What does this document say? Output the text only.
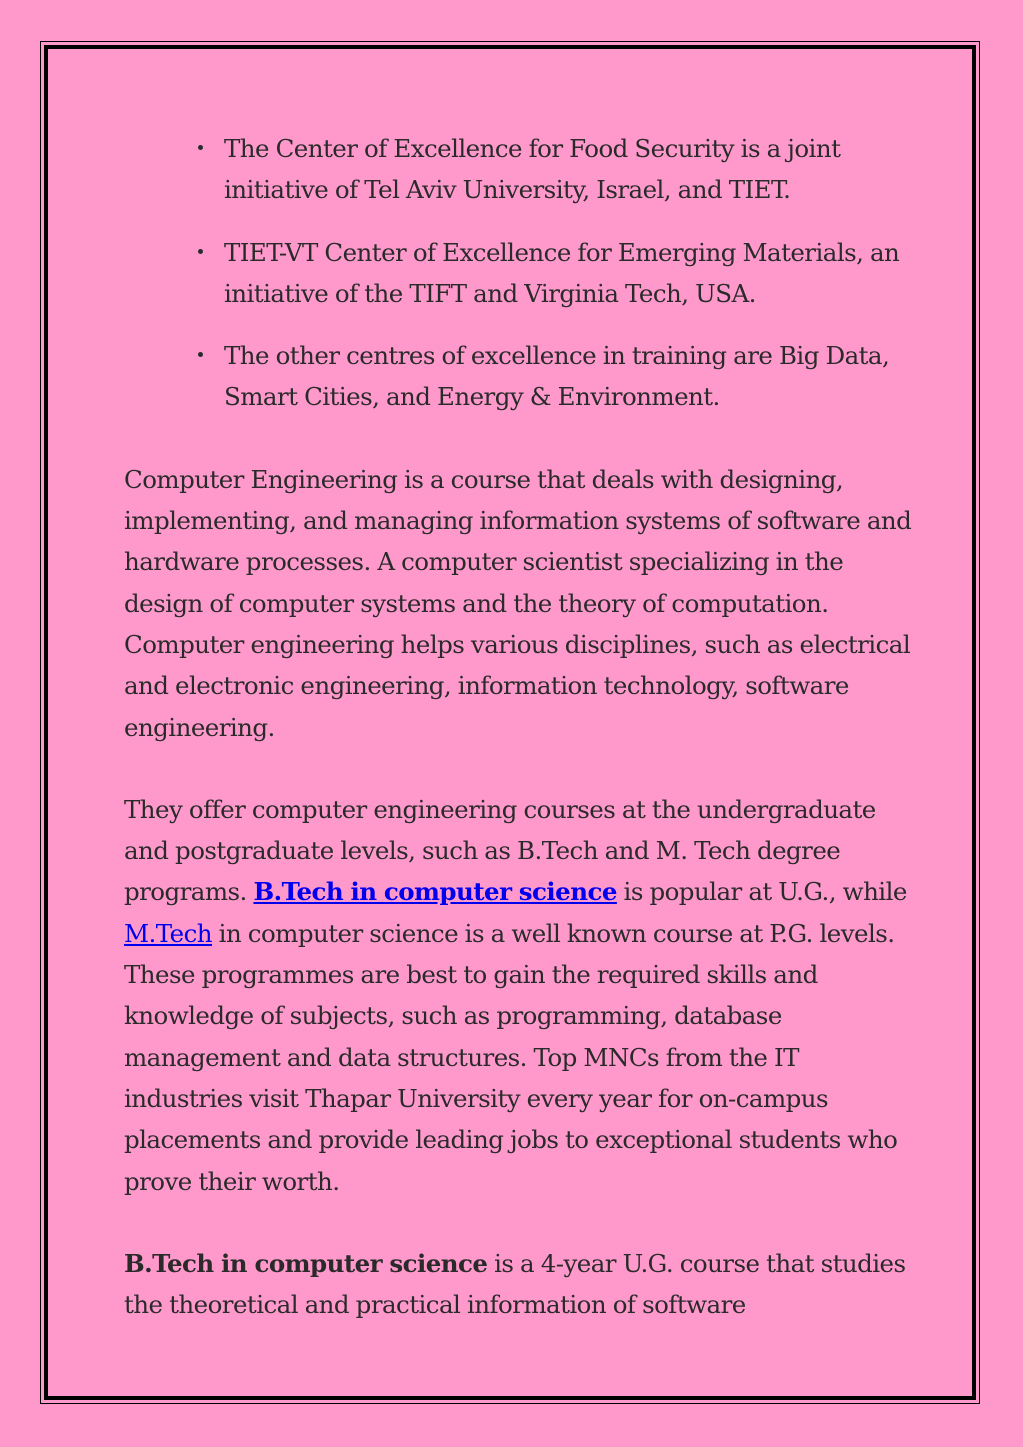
The Center of Excellence for Food Security is a joint initiative of Tel Aviv University, Israel, and TIET.
TIET-VT Center of Excellence for Emerging Materials, an initiative of the TIFT and Virginia Tech, USA.
The other centres of excellence in training are Big Data, Smart Cities, and Energy & Environment.

Computer Engineering is a course that deals with designing, implementing, and managing information systems of software and hardware processes. A computer scientist specializing in the design of computer systems and the theory of computation. Computer engineering helps various disciplines, such as electrical and electronic engineering, information technology, software engineering.

They offer computer engineering courses at the undergraduate and postgraduate levels, such as B.Tech and M. Tech degree programs. B.Tech in computer science is popular at U.G., while M.Tech in computer science is a well known course at P.G. levels. These programmes are best to gain the required skills and knowledge of subjects, such as programming, database management and data structures. Top MNCs from the IT industries visit Thapar University every year for on-campus placements and provide leading jobs to exceptional students who prove their worth.

B.Tech in computer science is a 4-year U.G. course that studies the theoretical and practical information of software
